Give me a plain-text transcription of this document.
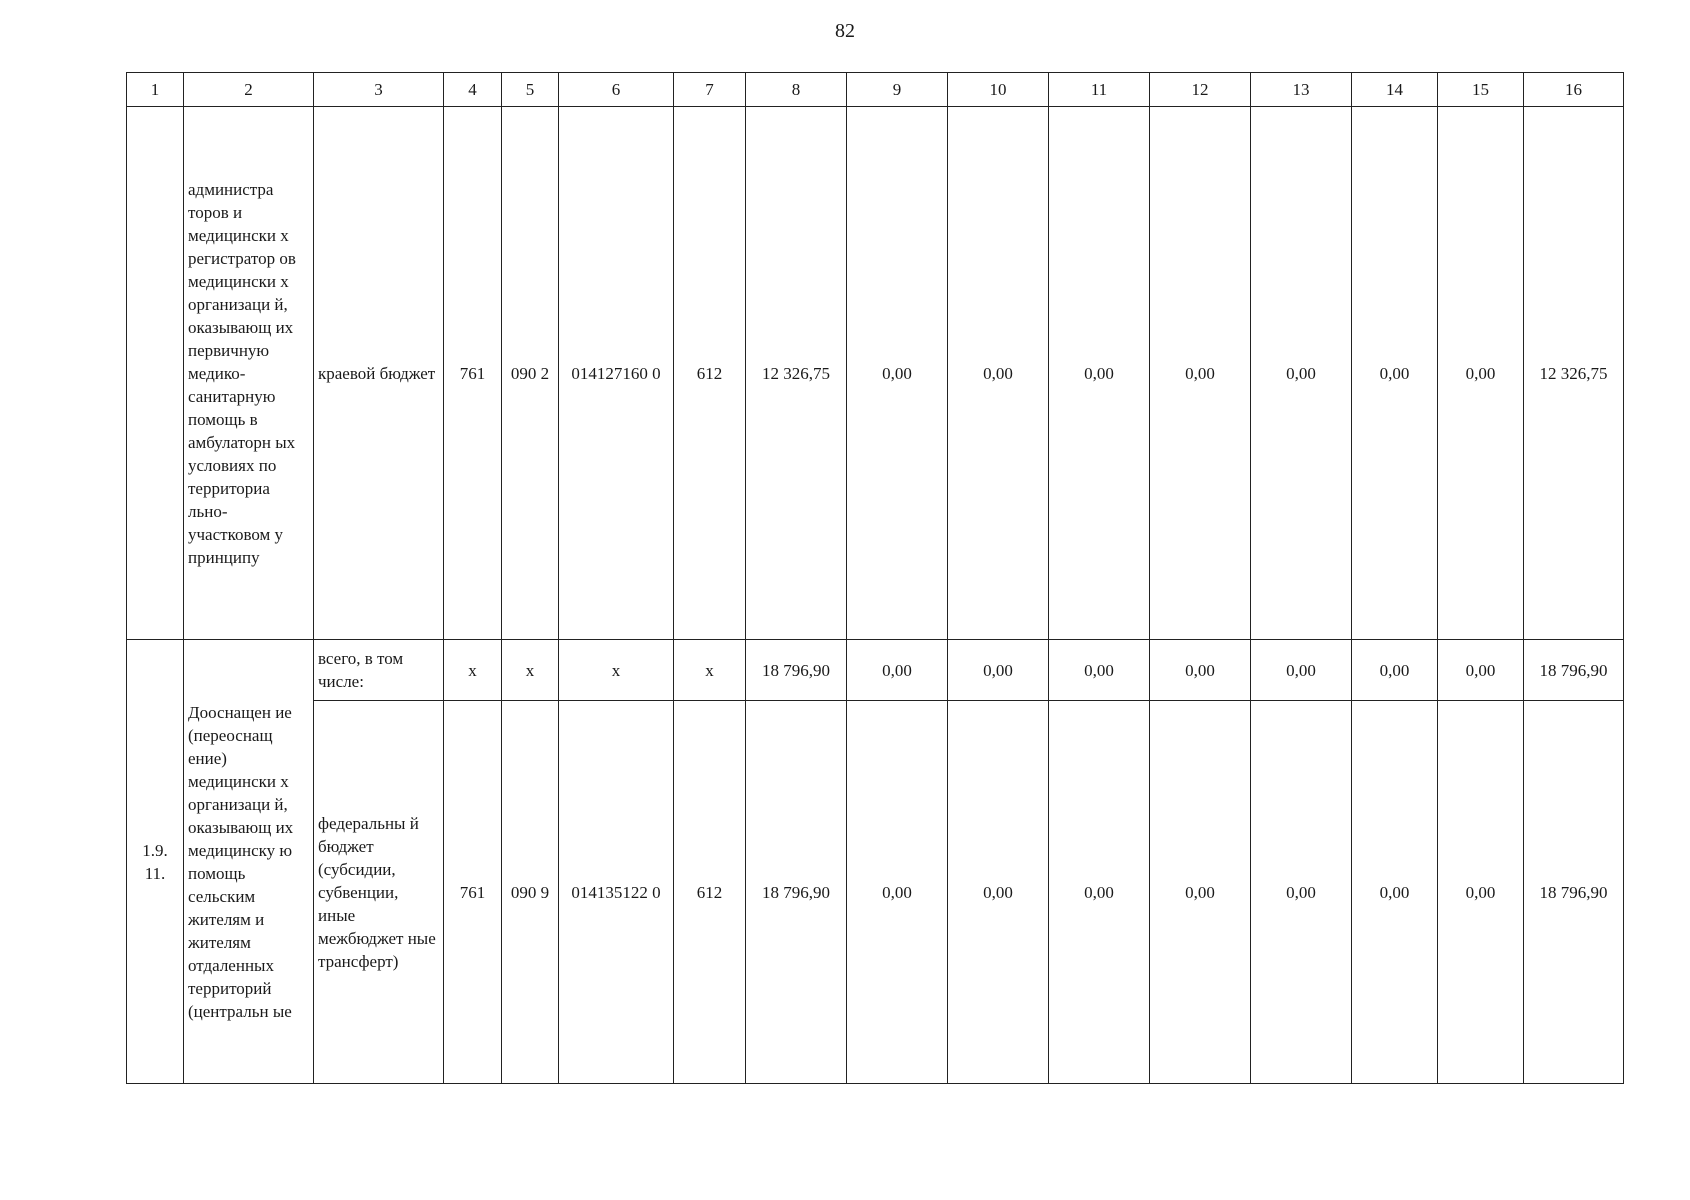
82
1	2	3	4	5	6	7	8	9	10	11	12	13	14	15	16
	администра торов и медицински х регистратор ов медицински х организаци й, оказывающ их первичную медико- санитарную помощь в амбулаторн ых условиях по территориа льно- участковом у принципу	краевой бюджет	761	090 2	014127160 0	612	12 326,75	0,00	0,00	0,00	0,00	0,00	0,00	0,00	12 326,75
1.9. 11.	Дооснащен ие (переоснащ ение) медицински х организаци й, оказывающ их медицинску ю помощь сельским жителям и жителям отдаленных территорий (центральн ые	всего, в том числе:	х	х	х	х	18 796,90	0,00	0,00	0,00	0,00	0,00	0,00	0,00	18 796,90
		федеральны й бюджет (субсидии, субвенции, иные межбюджет ные трансферт)	761	090 9	014135122 0	612	18 796,90	0,00	0,00	0,00	0,00	0,00	0,00	0,00	18 796,90
